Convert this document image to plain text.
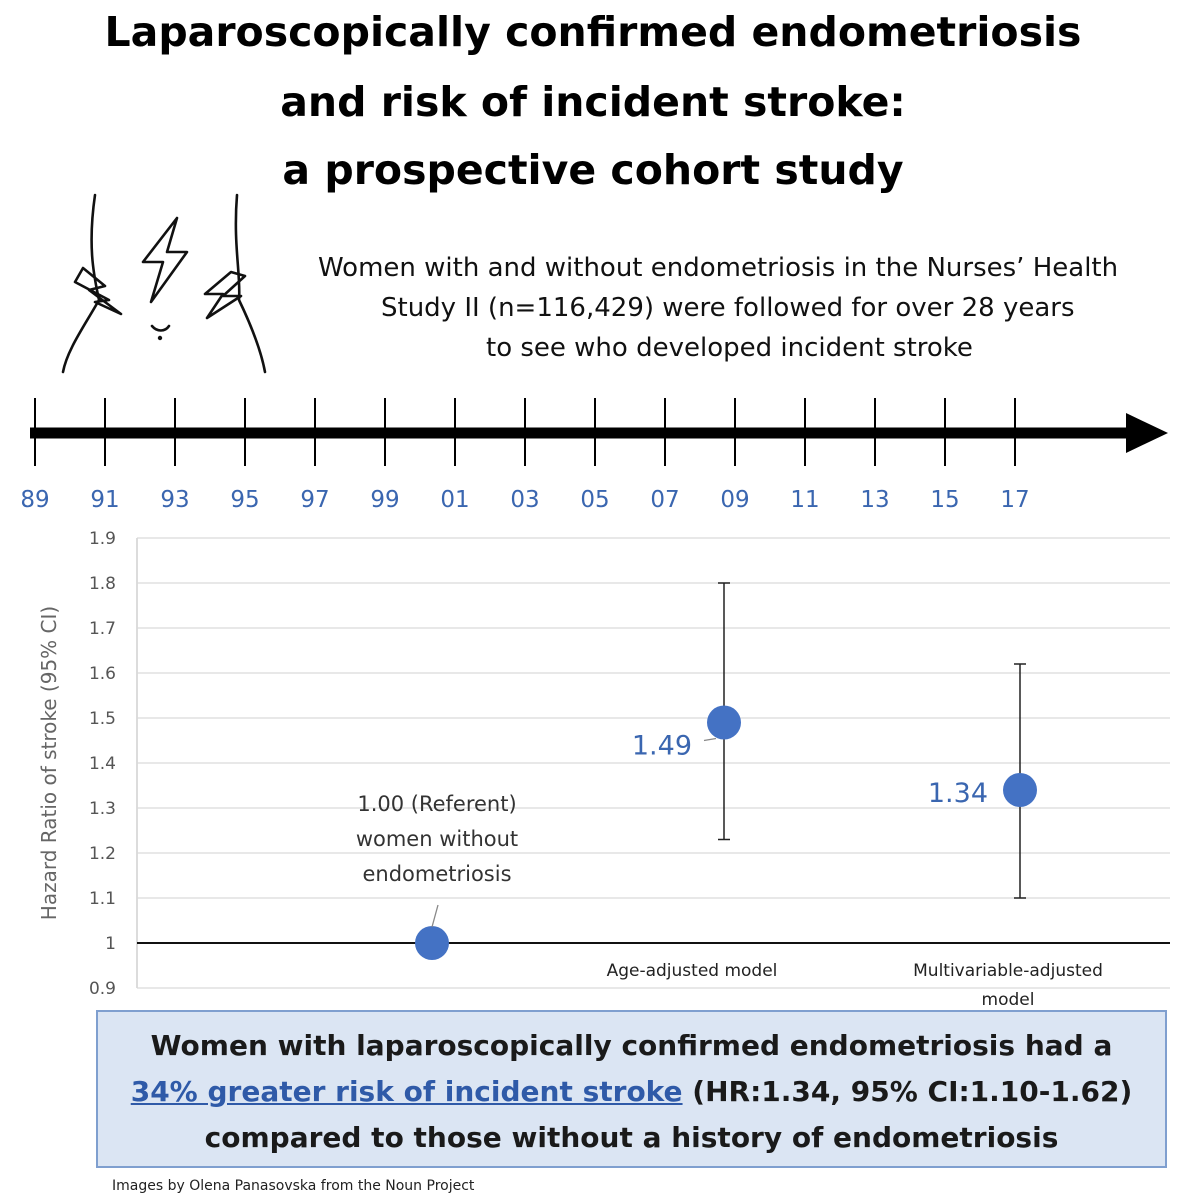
Laparoscopically confirmed endometriosis
and risk of incident stroke:
a prospective cohort study
Women with and without endometriosis in the Nurses’ Health
Study II (n=116,429) were followed for over 28 years
to see who developed incident stroke
89 91 93 95 97 99 01 03 05 07 09 11 13 15 17
0.9
1
1.1
1.2
1.3
1.4
1.5
1.6
1.7
1.8
1.9
Hazard Ratio of stroke (95% CI)
Age-adjusted model	Multivariable-adjusted
model
1.00 (Referent)
women without
endometriosis
1.49
1.34
Women with laparoscopically confirmed endometriosis had a
34% greater risk of incident stroke (HR:1.34, 95% CI:1.10-1.62)
compared to those without a history of endometriosis
Images by Olena Panasovska from the Noun Project
